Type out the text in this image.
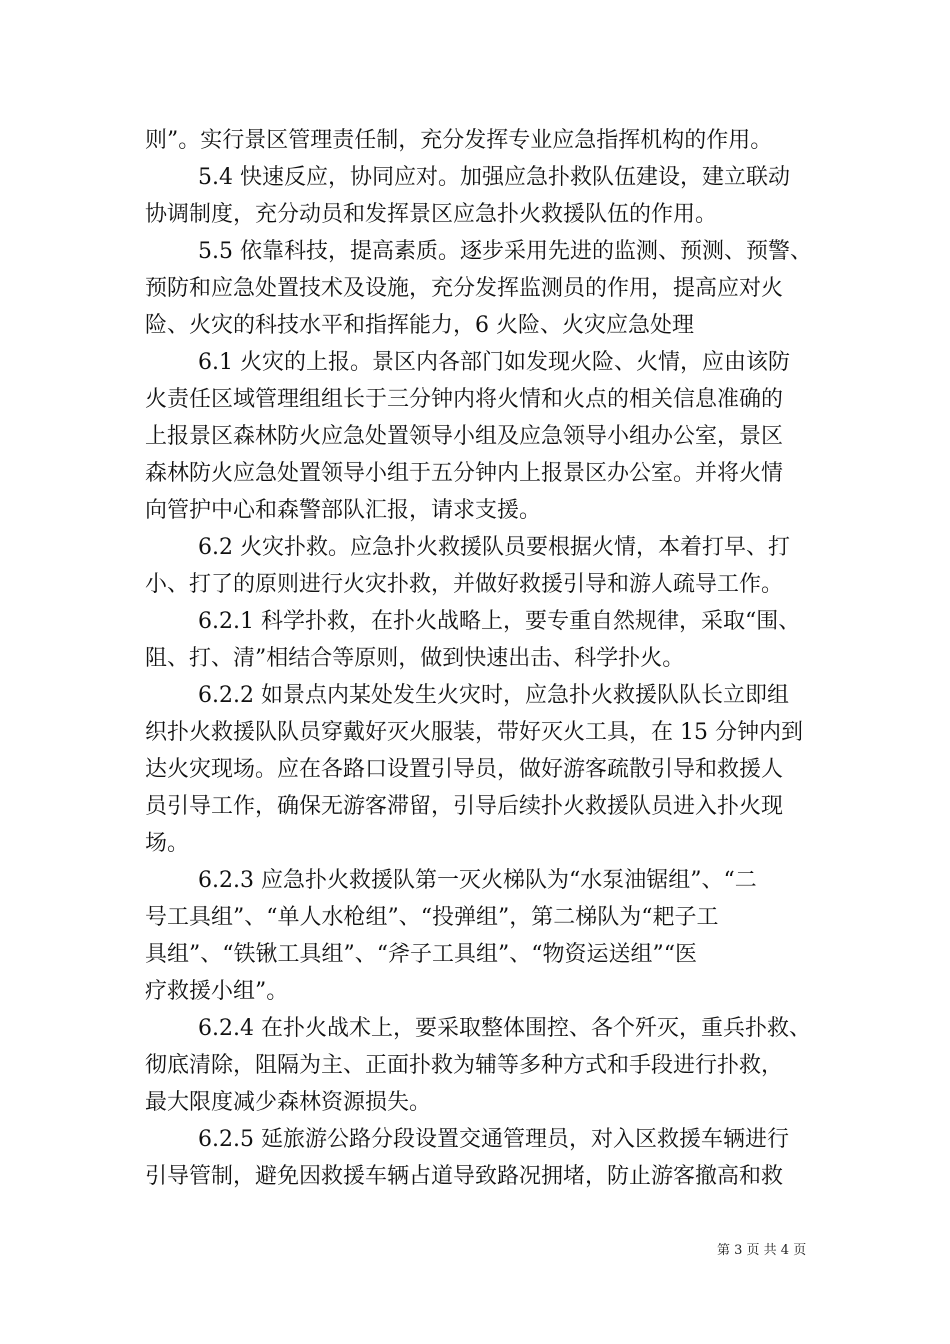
则”。实行景区管理责任制，充分发挥专业应急指挥机构的作用。
5.4 快速反应，协同应对。加强应急扑救队伍建设，建立联动
协调制度，充分动员和发挥景区应急扑火救援队伍的作用。
5.5 依靠科技，提高素质。逐步采用先进的监测、预测、预警、
预防和应急处置技术及设施，充分发挥监测员的作用，提高应对火
险、火灾的科技水平和指挥能力，6 火险、火灾应急处理
6.1 火灾的上报。景区内各部门如发现火险、火情，应由该防
火责任区域管理组组长于三分钟内将火情和火点的相关信息准确的
上报景区森林防火应急处置领导小组及应急领导小组办公室，景区
森林防火应急处置领导小组于五分钟内上报景区办公室。并将火情
向管护中心和森警部队汇报，请求支援。
6.2 火灾扑救。应急扑火救援队员要根据火情，本着打早、打
小、打了的原则进行火灾扑救，并做好救援引导和游人疏导工作。
6.2.1 科学扑救，在扑火战略上，要专重自然规律，采取“围、
阻、打、清”相结合等原则，做到快速出击、科学扑火。
6.2.2 如景点内某处发生火灾时，应急扑火救援队队长立即组
织扑火救援队队员穿戴好灭火服装，带好灭火工具，在 15 分钟内到
达火灾现场。应在各路口设置引导员，做好游客疏散引导和救援人
员引导工作，确保无游客滞留，引导后续扑火救援队员进入扑火现
场。
6.2.3 应急扑火救援队第一灭火梯队为“水泵油锯组”、“二
号工具组”、“单人水枪组”、“投弹组”，第二梯队为“耙子工
具组”、“铁锹工具组”、“斧子工具组”、“物资运送组”“医
疗救援小组”。
6.2.4 在扑火战术上，要采取整体围控、各个歼灭，重兵扑救、
彻底清除，阻隔为主、正面扑救为辅等多种方式和手段进行扑救，
最大限度减少森林资源损失。
6.2.5 延旅游公路分段设置交通管理员，对入区救援车辆进行
引导管制，避免因救援车辆占道导致路况拥堵，防止游客撤高和救
第 3 页 共 4 页
